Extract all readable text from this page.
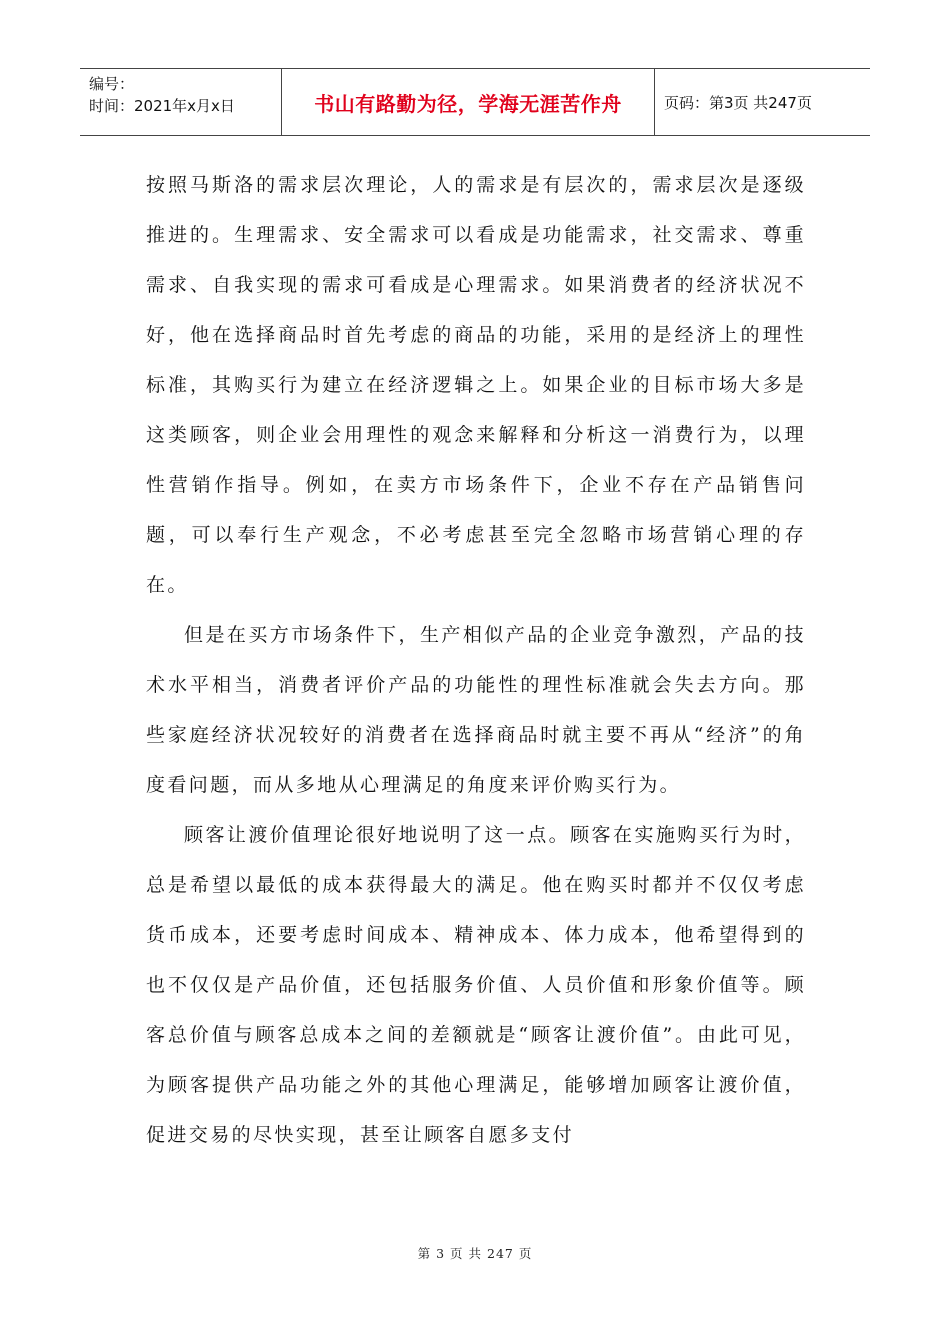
编号：
时间：2021年x月x日	书山有路勤为径，学海无涯苦作舟	页码：第3页 共247页

按照马斯洛的需求层次理论，人的需求是有层次的，需求层次是逐级推进的。生理需求、安全需求可以看成是功能需求，社交需求、尊重需求、自我实现的需求可看成是心理需求。如果消费者的经济状况不好，他在选择商品时首先考虑的商品的功能，采用的是经济上的理性标准，其购买行为建立在经济逻辑之上。如果企业的目标市场大多是这类顾客，则企业会用理性的观念来解释和分析这一消费行为，以理性营销作指导。例如，在卖方市场条件下，企业不存在产品销售问题，可以奉行生产观念，不必考虑甚至完全忽略市场营销心理的存在。

但是在买方市场条件下，生产相似产品的企业竞争激烈，产品的技术水平相当，消费者评价产品的功能性的理性标准就会失去方向。那些家庭经济状况较好的消费者在选择商品时就主要不再从“经济”的角度看问题，而从多地从心理满足的角度来评价购买行为。

顾客让渡价值理论很好地说明了这一点。顾客在实施购买行为时，总是希望以最低的成本获得最大的满足。他在购买时都并不仅仅考虑货币成本，还要考虑时间成本、精神成本、体力成本，他希望得到的也不仅仅是产品价值，还包括服务价值、人员价值和形象价值等。顾客总价值与顾客总成本之间的差额就是“顾客让渡价值”。由此可见，为顾客提供产品功能之外的其他心理满足，能够增加顾客让渡价值，促进交易的尽快实现，甚至让顾客自愿多支付

第 3 页 共 247 页
